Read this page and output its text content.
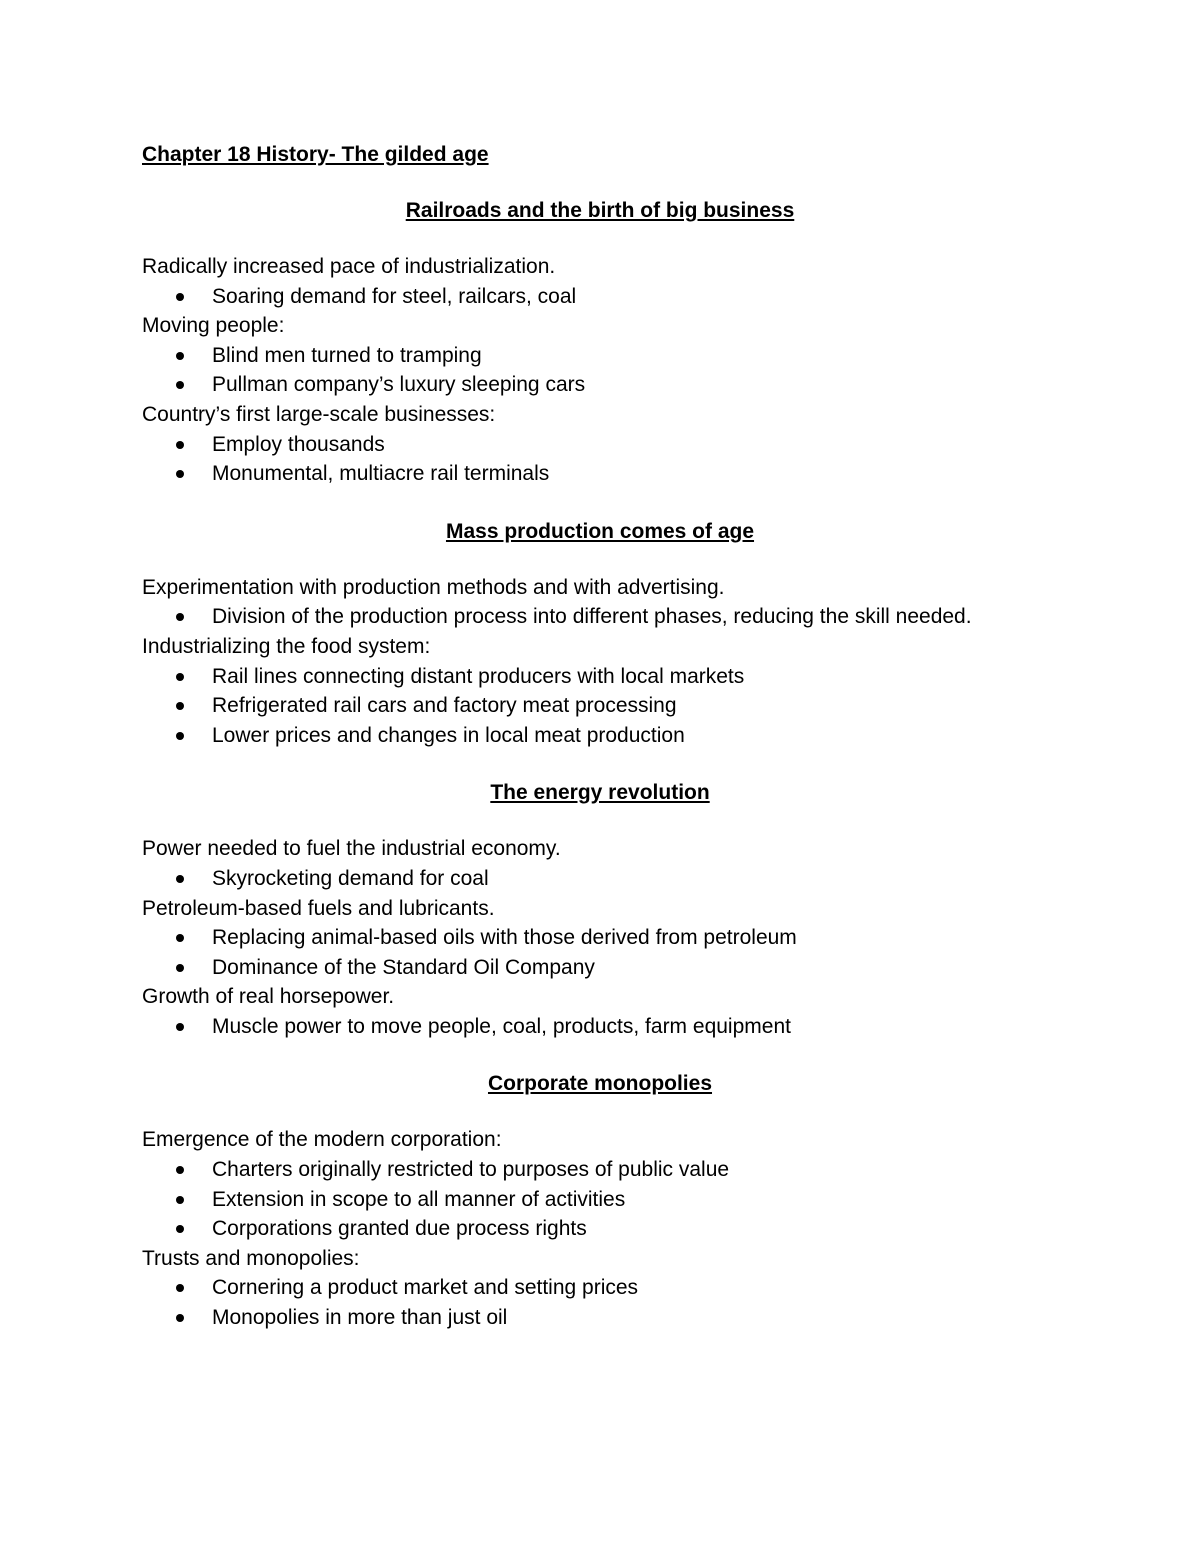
Chapter 18 History- The gilded age
Railroads and the birth of big business

Radically increased pace of industrialization.

Soaring demand for steel, railcars, coal

Moving people:

Blind men turned to tramping
Pullman company’s luxury sleeping cars

Country’s first large-scale businesses:

Employ thousands
Monumental, multiacre rail terminals
Mass production comes of age

Experimentation with production methods and with advertising.

Division of the production process into different phases, reducing the skill needed.

Industrializing the food system:

Rail lines connecting distant producers with local markets
Refrigerated rail cars and factory meat processing
Lower prices and changes in local meat production
The energy revolution

Power needed to fuel the industrial economy.

Skyrocketing demand for coal

Petroleum-based fuels and lubricants.

Replacing animal-based oils with those derived from petroleum
Dominance of the Standard Oil Company

Growth of real horsepower.

Muscle power to move people, coal, products, farm equipment
Corporate monopolies

Emergence of the modern corporation:

Charters originally restricted to purposes of public value
Extension in scope to all manner of activities
Corporations granted due process rights

Trusts and monopolies:

Cornering a product market and setting prices
Monopolies in more than just oil
